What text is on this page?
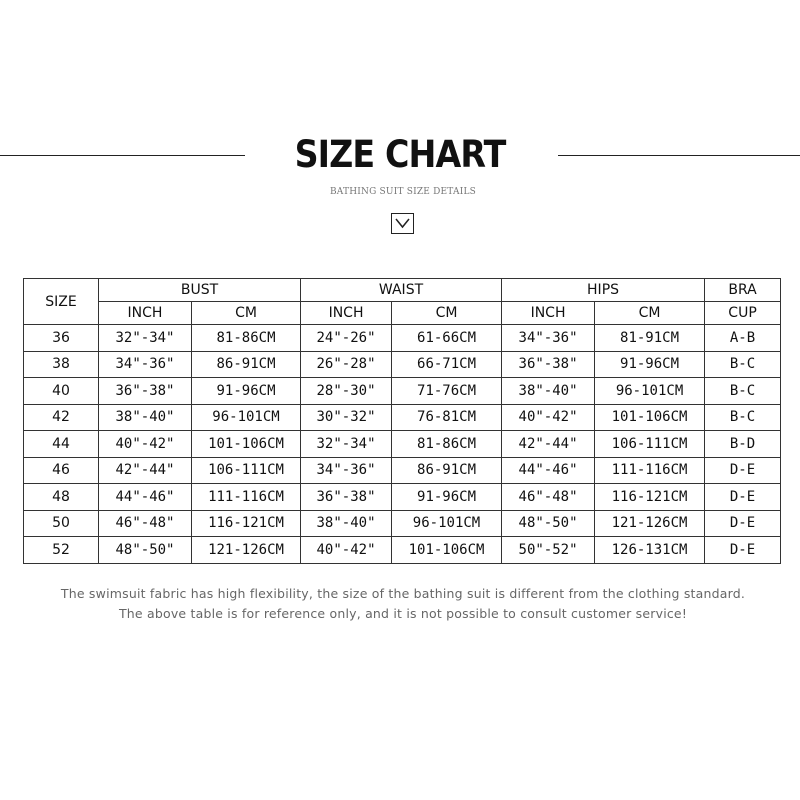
SIZE CHART
BATHING SUIT SIZE DETAILS
SIZE	BUST		WAIST		HIPS		BRA
	INCH	CM	INCH	CM	INCH	CM	CUP
36	32"-34"	81-86CM	24"-26"	61-66CM	34"-36"	81-91CM	A-B
38	34"-36"	86-91CM	26"-28"	66-71CM	36"-38"	91-96CM	B-C
40	36"-38"	91-96CM	28"-30"	71-76CM	38"-40"	96-101CM	B-C
42	38"-40"	96-101CM	30"-32"	76-81CM	40"-42"	101-106CM	B-C
44	40"-42"	101-106CM	32"-34"	81-86CM	42"-44"	106-111CM	B-D
46	42"-44"	106-111CM	34"-36"	86-91CM	44"-46"	111-116CM	D-E
48	44"-46"	111-116CM	36"-38"	91-96CM	46"-48"	116-121CM	D-E
50	46"-48"	116-121CM	38"-40"	96-101CM	48"-50"	121-126CM	D-E
52	48"-50"	121-126CM	40"-42"	101-106CM	50"-52"	126-131CM	D-E
The swimsuit fabric has high flexibility, the size of the bathing suit is different from the clothing standard.
The above table is for reference only, and it is not possible to consult customer service!
